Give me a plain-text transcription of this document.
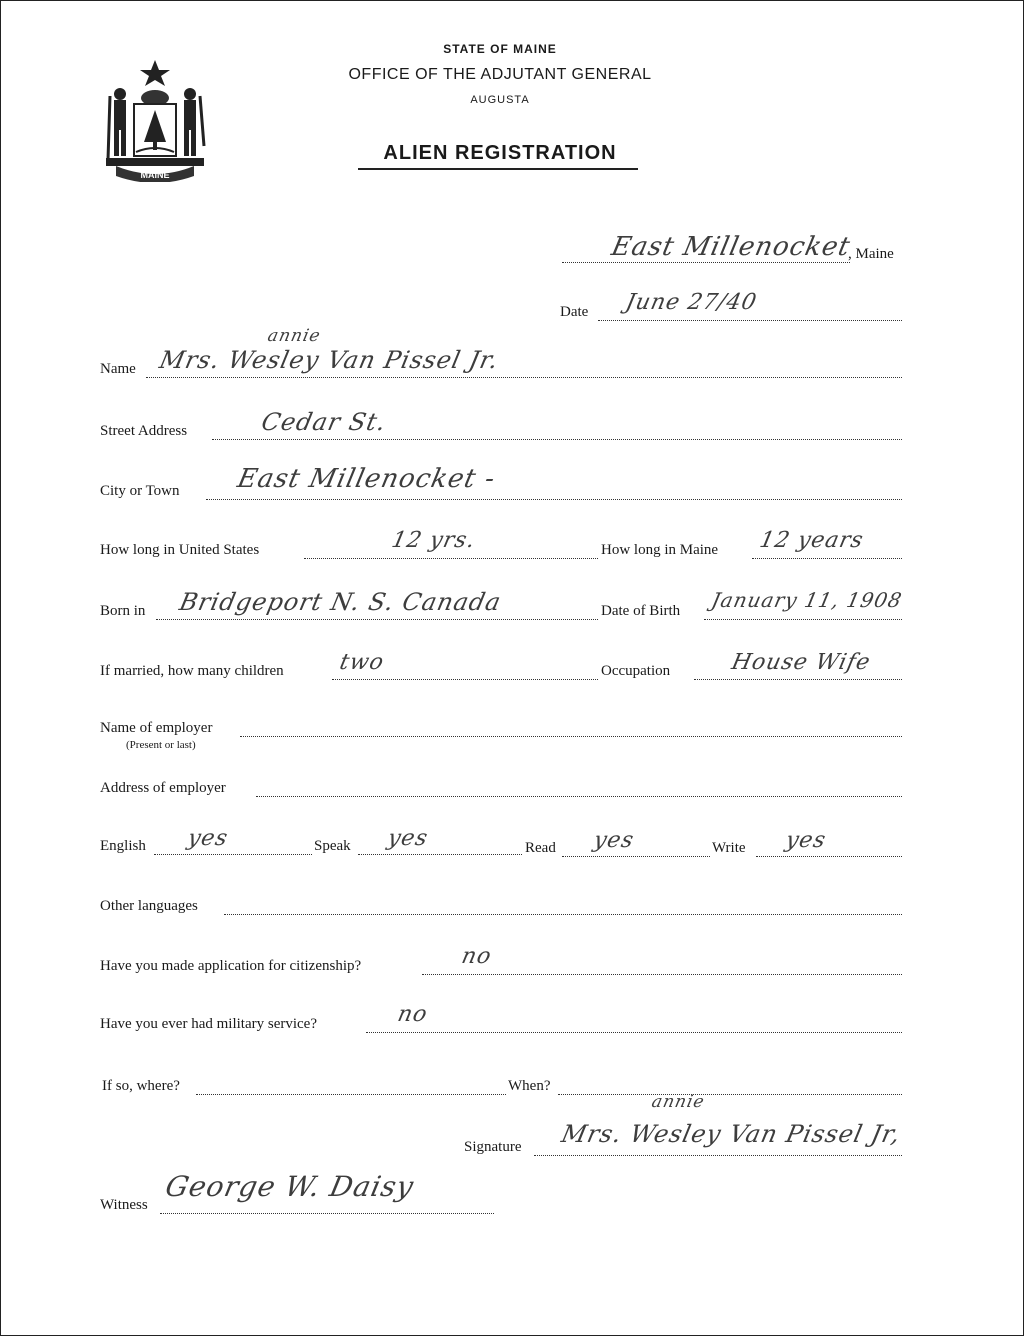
MAINE
STATE OF MAINE
OFFICE OF THE ADJUTANT GENERAL
AUGUSTA
ALIEN REGISTRATION
East Millenocket
, Maine
Date June 27/40
annie
Name Mrs. Wesley Van Pissel Jr.
Street Address	Cedar St.
City or Town East Millenocket -
How long in United States	12 yrs.	How long in Maine 12 years
Born in Bridgeport N. S. Canada	Date of Birth January 11, 1908
If married, how many children two	Occupation	House Wife
Name of employer
(Present or last)
Address of employer
English yes	Speak yes	Read yes	Write yes
Other languages
Have you made application for citizenship?	no
Have you ever had military service?	no
If so, where?	When?
annie
Signature Mrs. Wesley Van Pissel Jr,
Witness
George W. Daisy
